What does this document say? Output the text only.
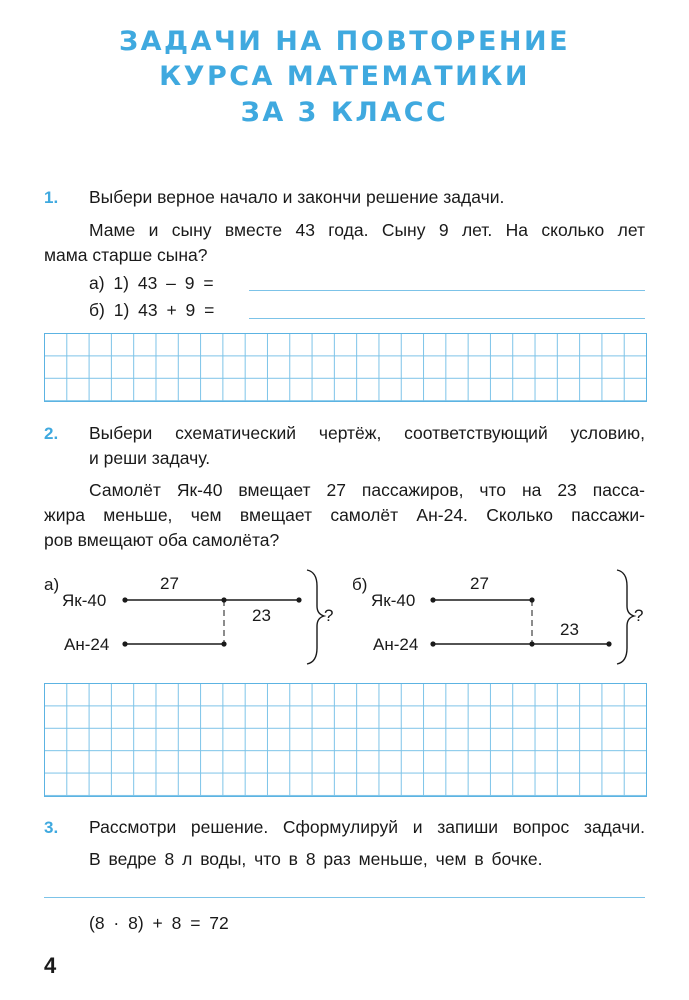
ЗАДАЧИ НА ПОВТОРЕНИЕ
КУРСА МАТЕМАТИКИ
ЗА 3 КЛАСС
1. Выбери верное начало и закончи решение задачи.
Маме и сыну вместе 43 года. Сыну 9 лет. На сколько лет
мама старше сына?
а) 1) 43 – 9 =
б) 1) 43 + 9 =
2. Выбери схематический чертёж, соответствующий условию,
и реши задачу.
Самолёт Як-40 вмещает 27 пассажиров, что на 23 пасса-
жира меньше, чем вмещает самолёт Ан-24. Сколько пассажи-
ров вмещают оба самолёта?
а)
Як-40
Ан-24
27
23	?
б)
Як-40
Ан-24
27
23
?
3. Рассмотри решение. Сформулируй и запиши вопрос задачи.
В ведре 8 л воды, что в 8 раз меньше, чем в бочке.
(8 · 8) + 8 = 72
4
